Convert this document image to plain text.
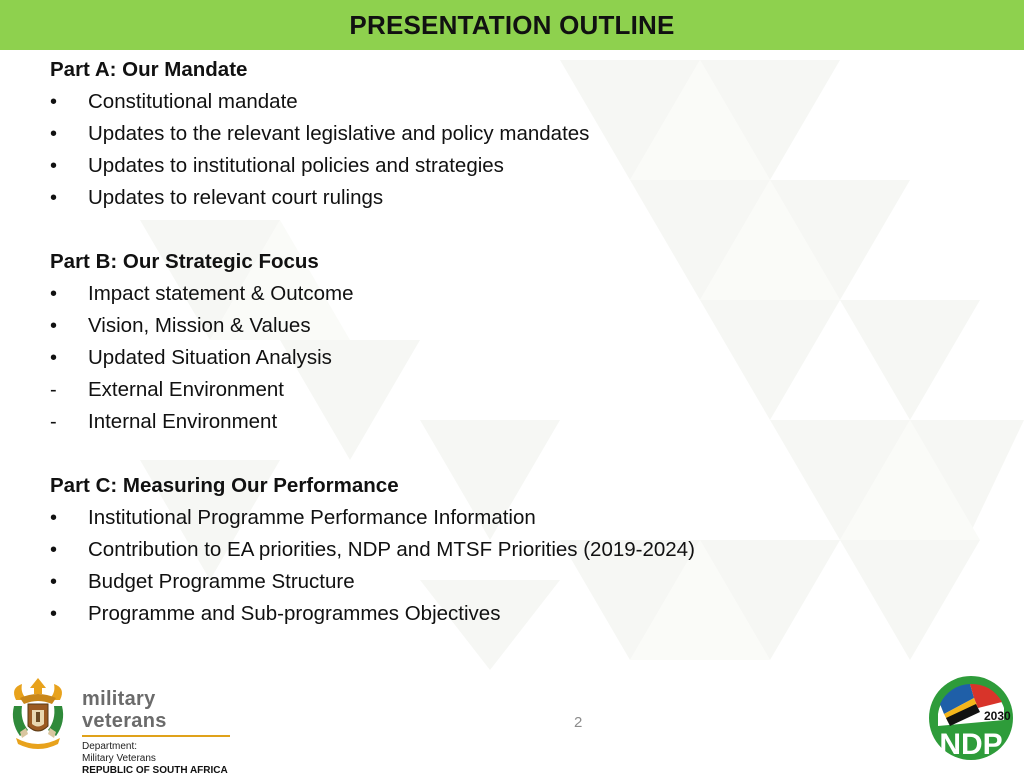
PRESENTATION OUTLINE
Part A: Our Mandate
•	Constitutional mandate
•	Updates to the relevant legislative and policy mandates
•	Updates to institutional policies and strategies
•	Updates to relevant court rulings
Part B: Our Strategic Focus
•	Impact statement & Outcome
•	Vision, Mission & Values
•	Updated Situation Analysis
-	External Environment
-	Internal Environment
Part C: Measuring Our Performance
•	Institutional Programme Performance Information
•	Contribution to EA priorities, NDP and MTSF Priorities (2019-2024)
•	Budget Programme Structure
•	Programme and Sub-programmes Objectives
military veterans
Department:
Military Veterans
REPUBLIC OF SOUTH AFRICA
2	2030
NDP
